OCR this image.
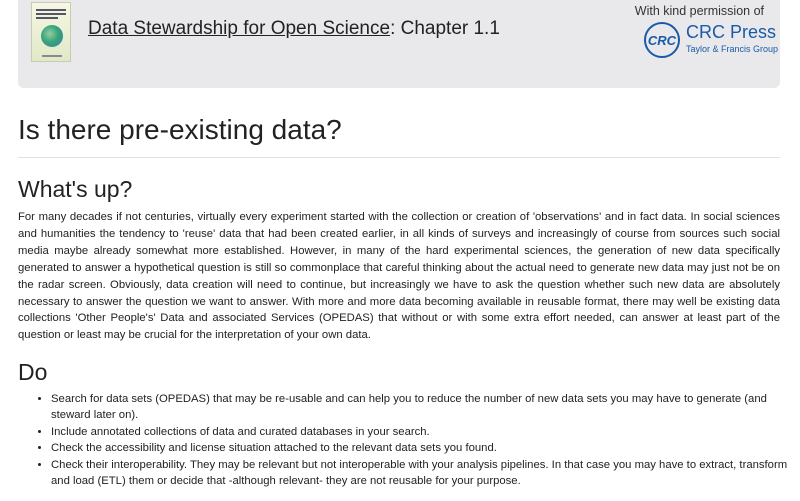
Data Stewardship for Open Science: Chapter 1.1
With kind permission of
CRC CRC Press
Taylor & Francis Group
Is there pre-existing data?
What's up?

For many decades if not centuries, virtually every experiment started with the collection or creation of 'observations' and in fact data. In social sciences and humanities the tendency to 'reuse' data that had been created earlier, in all kinds of surveys and increasingly of course from sources such social media maybe already somewhat more established. However, in many of the hard experimental sciences, the generation of new data specifically generated to answer a hypothetical question is still so commonplace that careful thinking about the actual need to generate new data may just not be on the radar screen. Obviously, data creation will need to continue, but increasingly we have to ask the question whether such new data are absolutely necessary to answer the question we want to answer. With more and more data becoming available in reusable format, there may well be existing data collections 'Other People's' Data and associated Services (OPEDAS) that without or with some extra effort needed, can answer at least part of the question or least may be crucial for the interpretation of your own data.

Do
• Search for data sets (OPEDAS) that may be re-usable and can help you to reduce the number of new data sets you may have to generate (and steward later on).
• Include annotated collections of data and curated databases in your search.
• Check the accessibility and license situation attached to the relevant data sets you found.
• Check their interoperability. They may be relevant but not interoperable with your analysis pipelines. In that case you may have to extract, transform and load (ETL) them or decide that -although relevant- they are not reusable for your purpose.
